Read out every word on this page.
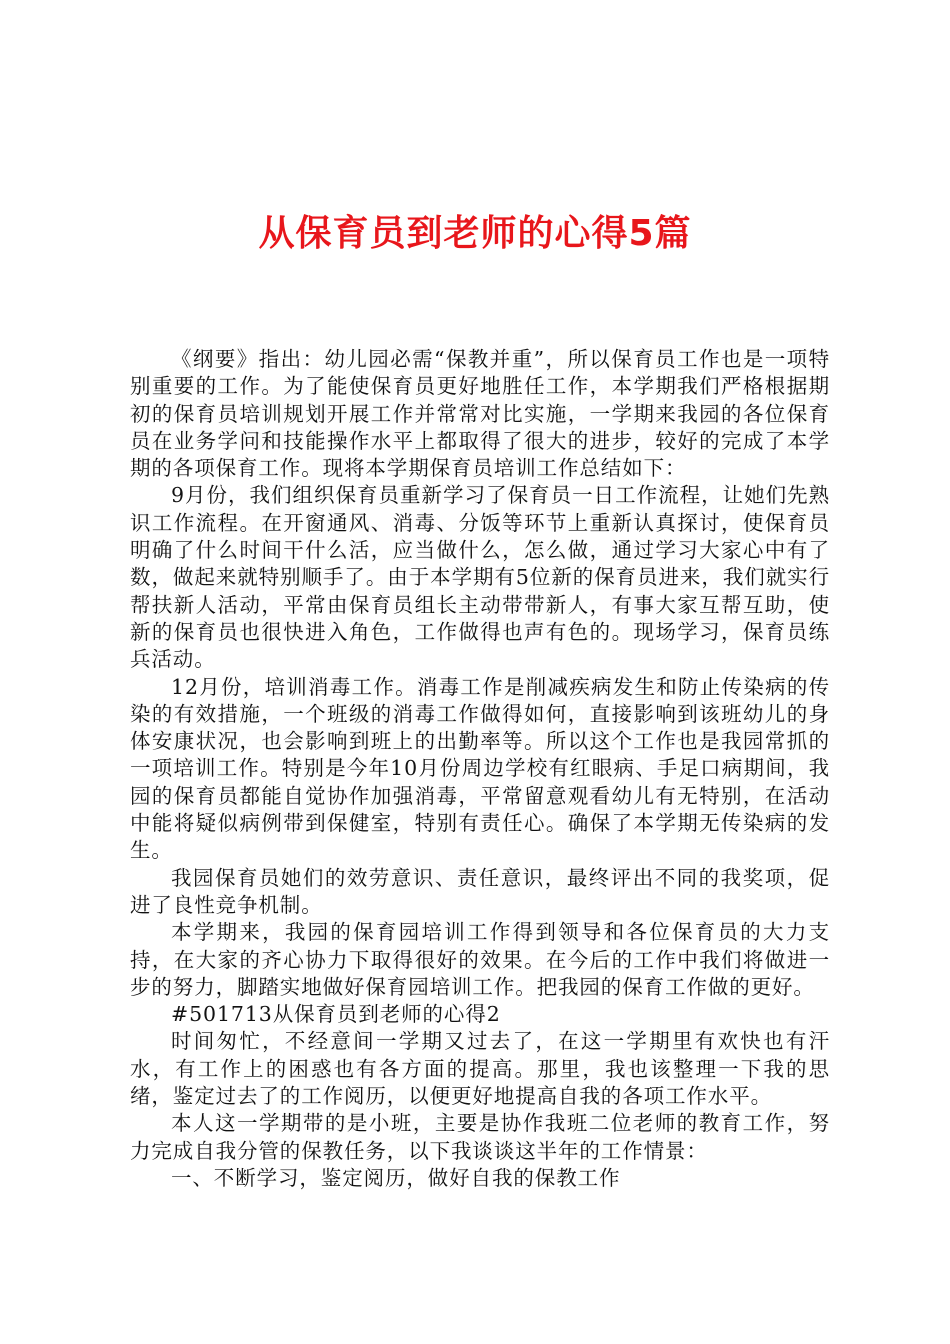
从保育员到老师的心得5篇

《纲要》指出：幼儿园必需“保教并重”，所以保育员工作也是一项特别重要的工作。为了能使保育员更好地胜任工作，本学期我们严格根据期初的保育员培训规划开展工作并常常对比实施，一学期来我园的各位保育员在业务学问和技能操作水平上都取得了很大的进步，较好的完成了本学期的各项保育工作。现将本学期保育员培训工作总结如下：

9月份，我们组织保育员重新学习了保育员一日工作流程，让她们先熟识工作流程。在开窗通风、消毒、分饭等环节上重新认真探讨，使保育员明确了什么时间干什么活，应当做什么，怎么做，通过学习大家心中有了数，做起来就特别顺手了。由于本学期有5位新的保育员进来，我们就实行帮扶新人活动，平常由保育员组长主动带带新人，有事大家互帮互助，使新的保育员也很快进入角色，工作做得也声有色的。现场学习，保育员练兵活动。

12月份，培训消毒工作。消毒工作是削减疾病发生和防止传染病的传染的有效措施，一个班级的消毒工作做得如何，直接影响到该班幼儿的身体安康状况，也会影响到班上的出勤率等。所以这个工作也是我园常抓的一项培训工作。特别是今年10月份周边学校有红眼病、手足口病期间，我园的保育员都能自觉协作加强消毒，平常留意观看幼儿有无特别，在活动中能将疑似病例带到保健室，特别有责任心。确保了本学期无传染病的发生。

我园保育员她们的效劳意识、责任意识，最终评出不同的我奖项，促进了良性竞争机制。

本学期来，我园的保育园培训工作得到领导和各位保育员的大力支持，在大家的齐心协力下取得很好的效果。在今后的工作中我们将做进一步的努力，脚踏实地做好保育园培训工作。把我园的保育工作做的更好。

#501713从保育员到老师的心得2

时间匆忙，不经意间一学期又过去了，在这一学期里有欢快也有汗水，有工作上的困惑也有各方面的提高。那里，我也该整理一下我的思绪，鉴定过去了的工作阅历，以便更好地提高自我的各项工作水平。

本人这一学期带的是小班，主要是协作我班二位老师的教育工作，努力完成自我分管的保教任务，以下我谈谈这半年的工作情景：

一、不断学习，鉴定阅历，做好自我的保教工作
